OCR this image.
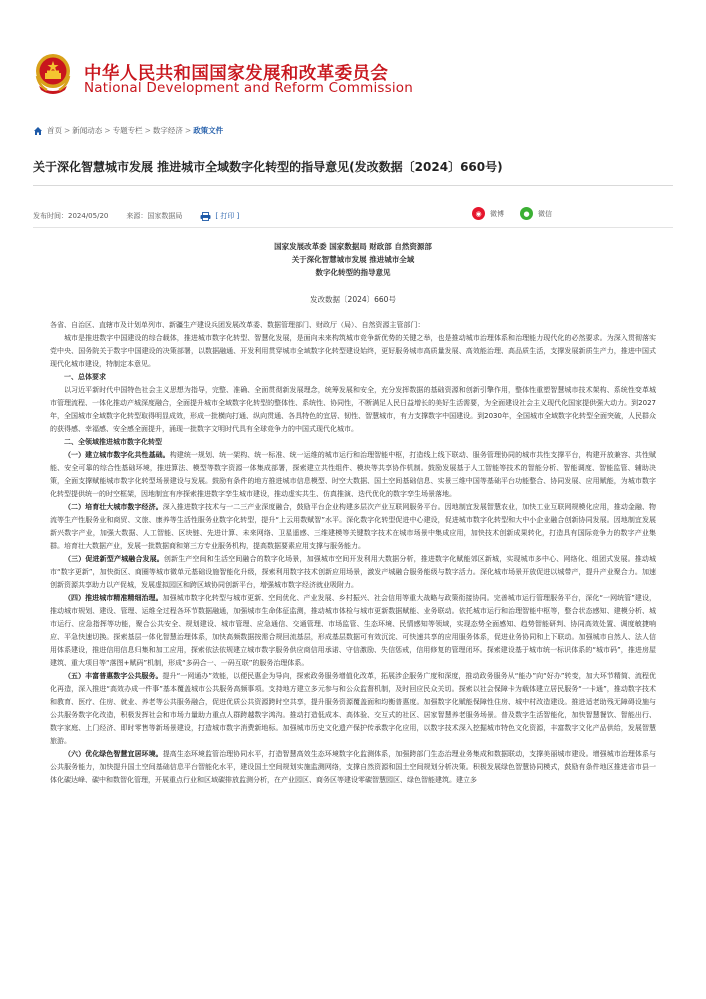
中华人民共和国国家发展和改革委员会
National Development and Reform Commission
首页 > 新闻动态 > 专题专栏 > 数字经济 > 政策文件
关于深化智慧城市发展 推进城市全域数字化转型的指导意见(发改数据〔2024〕660号)
发布时间：2024/05/20	来源：国家数据局	[ 打印 ]	◉	微博	●	微信
国家发展改革委 国家数据局 财政部 自然资源部
关于深化智慧城市发展 推进城市全域
数字化转型的指导意见
发改数据〔2024〕660号

各省、自治区、直辖市及计划单列市、新疆生产建设兵团发展改革委、数据管理部门、财政厅（局）、自然资源主管部门：

城市是推进数字中国建设的综合载体，推进城市数字化转型、智慧化发展，是面向未来构筑城市竞争新优势的关键之举，也是推动城市治理体系和治理能力现代化的必然要求。为深入贯彻落实党中央、国务院关于数字中国建设的决策部署，以数据融通、开发利用贯穿城市全域数字化转型建设始终，更好服务城市高质量发展、高效能治理、高品质生活，支撑发展新质生产力，推进中国式现代化城市建设，特制定本意见。

一、总体要求

以习近平新时代中国特色社会主义思想为指导，完整、准确、全面贯彻新发展理念，统筹发展和安全，充分发挥数据的基础资源和创新引擎作用，整体性重塑智慧城市技术架构、系统性变革城市管理流程、一体化推动产城深度融合，全面提升城市全域数字化转型的整体性、系统性、协同性，不断满足人民日益增长的美好生活需要，为全面建设社会主义现代化国家提供强大动力。到2027年，全国城市全域数字化转型取得明显成效，形成一批横向打通、纵向贯通、各具特色的宜居、韧性、智慧城市，有力支撑数字中国建设。到2030年，全国城市全域数字化转型全面突破，人民群众的获得感、幸福感、安全感全面提升，涌现一批数字文明时代具有全球竞争力的中国式现代化城市。

二、全领域推进城市数字化转型

（一）建立城市数字化共性基础。构建统一规划、统一架构、统一标准、统一运维的城市运行和治理智能中枢，打造线上线下联动、服务管理协同的城市共性支撑平台，构建开放兼容、共性赋能、安全可靠的综合性基础环境，推进算法、模型等数字资源一体集成部署，探索建立共性组件、模块等共享协作机制。鼓励发展基于人工智能等技术的智能分析、智能调度、智能监管、辅助决策，全面支撑赋能城市数字化转型场景建设与发展。鼓励有条件的地方推进城市信息模型、时空大数据、国土空间基础信息、实景三维中国等基础平台功能整合、协同发展、应用赋能，为城市数字化转型提供统一的时空框架，因地制宜有序探索推进数字孪生城市建设，推动虚实共生、仿真推演、迭代优化的数字孪生场景落地。

（二）培育壮大城市数字经济。深入推进数字技术与一二三产业深度融合，鼓励平台企业构建多层次产业互联网服务平台。因地制宜发展智慧农业，加快工业互联网规模化应用，推动金融、物流等生产性服务业和商贸、文旅、康养等生活性服务业数字化转型，提升“上云用数赋智”水平。深化数字化转型促进中心建设，促进城市数字化转型和大中小企业融合创新协同发展。因地制宜发展新兴数字产业，加强大数据、人工智能、区块链、先进计算、未来网络、卫星遥感、三维建模等关键数字技术在城市场景中集成应用，加快技术创新成果转化，打造具有国际竞争力的数字产业集群。培育壮大数据产业，发展一批数据商和第三方专业服务机构，提高数据要素应用支撑与服务能力。

（三）促进新型产城融合发展。创新生产空间和生活空间融合的数字化场景，加强城市空间开发利用大数据分析，推进数字化赋能郊区新城，实现城市多中心、网络化、组团式发展。推动城市“数字更新”，加快街区、商圈等城市微单元基础设施智能化升级，探索利用数字技术创新应用场景，激发产城融合服务能级与数字活力。深化城市场景开放促进以城带产，提升产业聚合力。加速创新资源共享助力以产促城，发展虚拟园区和跨区域协同创新平台，增强城市数字经济就业吸附力。

（四）推进城市精准精细治理。加强城市数字化转型与城市更新、空间优化、产业发展、乡村振兴、社会信用等重大战略与政策衔接协同。完善城市运行管理服务平台，深化“一网统管”建设，推动城市规划、建设、管理、运维全过程各环节数据融通，加强城市生命体征监测，推动城市体检与城市更新数据赋能、业务联动。依托城市运行和治理智能中枢等，整合状态感知、建模分析、城市运行、应急指挥等功能，聚合公共安全、规划建设、城市管理、应急通信、交通管理、市场监管、生态环境、民情感知等领域，实现态势全面感知、趋势智能研判、协同高效处置、调度敏捷响应、平急快速切换。探索基层一体化智慧治理体系，加快高频数据按需合规回流基层，形成基层数据可有效沉淀、可快速共享的应用服务体系，促进业务协同和上下联动。加强城市自然人、法人信用体系建设，推进信用信息归集和加工应用，探索依法依规建立城市数字服务供应商信用承诺、守信激励、失信惩戒，信用修复的管理闭环。探索建设基于城市统一标识体系的“城市码”，推进房屋建筑、重大项目等“落图+赋码”机制，形成“多码合一、一码互联”的服务治理体系。

（五）丰富普惠数字公共服务。提升“一网通办”效能，以便民惠企为导向，探索政务服务增值化改革，拓展涉企服务广度和深度，推动政务服务从“能办”向“好办”转变，加大环节精简、流程优化再造，深入推进“高效办成一件事”基本覆盖城市公共服务高频事项。支持地方建立多元参与和公众监督机制，及时回应民众关切。探索以社会保障卡为载体建立居民服务“一卡通”，推动数字技术和教育、医疗、住房、就业、养老等公共服务融合，促进优质公共资源跨时空共享，提升服务资源覆盖面和均衡普惠度。加强数字化赋能保障性住房、城中村改造建设。推进适老助残无障碍设施与公共服务数字化改造，积极发挥社会和市场力量助力重点人群跨越数字鸿沟。推动打造低成本、高体验、交互式的社区、居家智慧养老服务场景。普及数字生活智能化，加快智慧餐饮、智能出行、数字家庭、上门经济、即时零售等新场景建设，打造城市数字消费新地标。加强城市历史文化遗产保护传承数字化应用，以数字技术深入挖掘城市特色文化资源，丰富数字文化产品供给，发展智慧旅游。

（六）优化绿色智慧宜居环境。提高生态环境监管治理协同水平，打造智慧高效生态环境数字化监测体系，加强跨部门生态治理业务集成和数据联动，支撑美丽城市建设。增强城市治理体系与公共服务能力，加快提升国土空间基础信息平台智能化水平，建设国土空间规划实施监测网络，支撑自然资源和国土空间规划分析决策。积极发展绿色智慧协同模式，鼓励有条件地区推进省市县一体化碳达峰、碳中和数智化管理，开展重点行业和区域碳排放监测分析，在产业园区、商务区等建设零碳智慧园区、绿色智能建筑。建立多
